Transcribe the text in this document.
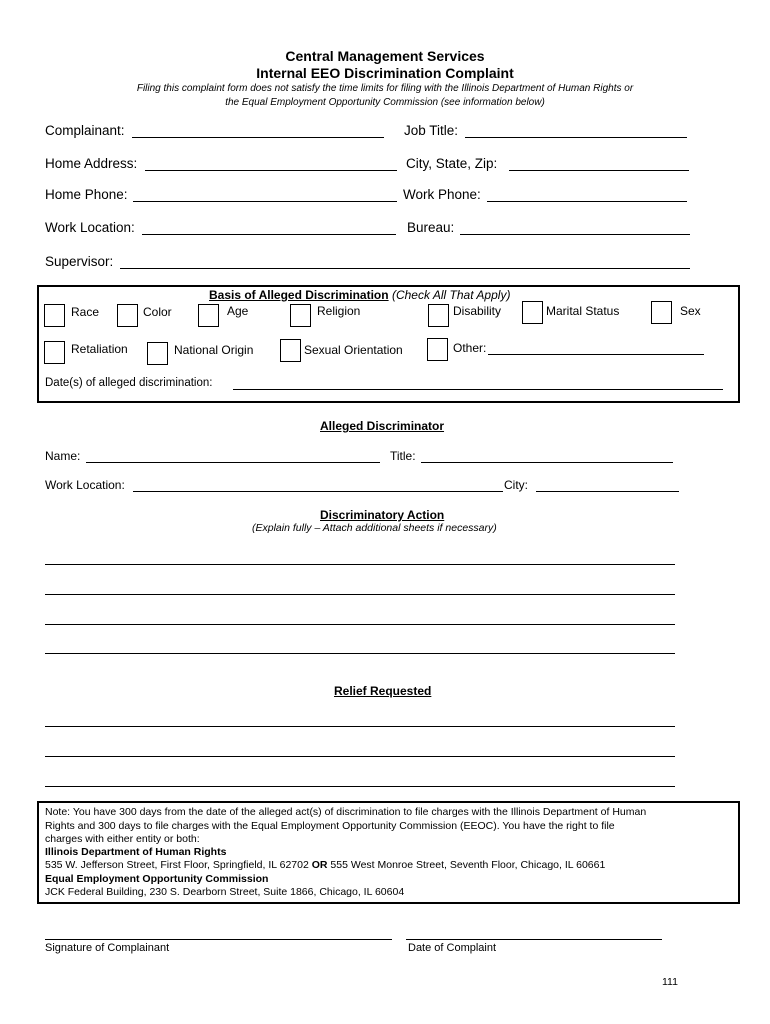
Central Management Services
Internal EEO Discrimination Complaint
Filing this complaint form does not satisfy the time limits for filing with the Illinois Department of Human Rights or
the Equal Employment Opportunity Commission (see information below)
Complainant:	Job Title:
Home Address:	City, State, Zip:
Home Phone:	Work Phone:
Work Location:	Bureau:
Supervisor:
Basis of Alleged Discrimination (Check All That Apply)
Race	Color	Age	Religion	Disability	Marital Status	Sex
Retaliation	National Origin	Sexual Orientation	Other:
Date(s) of alleged discrimination:
Alleged Discriminator
Name:	Title:
Work Location:	City:
Discriminatory Action
(Explain fully – Attach additional sheets if necessary)
Relief Requested
Note: You have 300 days from the date of the alleged act(s) of discrimination to file charges with the Illinois Department of Human
Rights and 300 days to file charges with the Equal Employment Opportunity Commission (EEOC). You have the right to file
charges with either entity or both:
Illinois Department of Human Rights
535 W. Jefferson Street, First Floor, Springfield, IL 62702 OR 555 West Monroe Street, Seventh Floor, Chicago, IL 60661
Equal Employment Opportunity Commission
JCK Federal Building, 230 S. Dearborn Street, Suite 1866, Chicago, IL 60604
Signature of Complainant	Date of Complaint
111
